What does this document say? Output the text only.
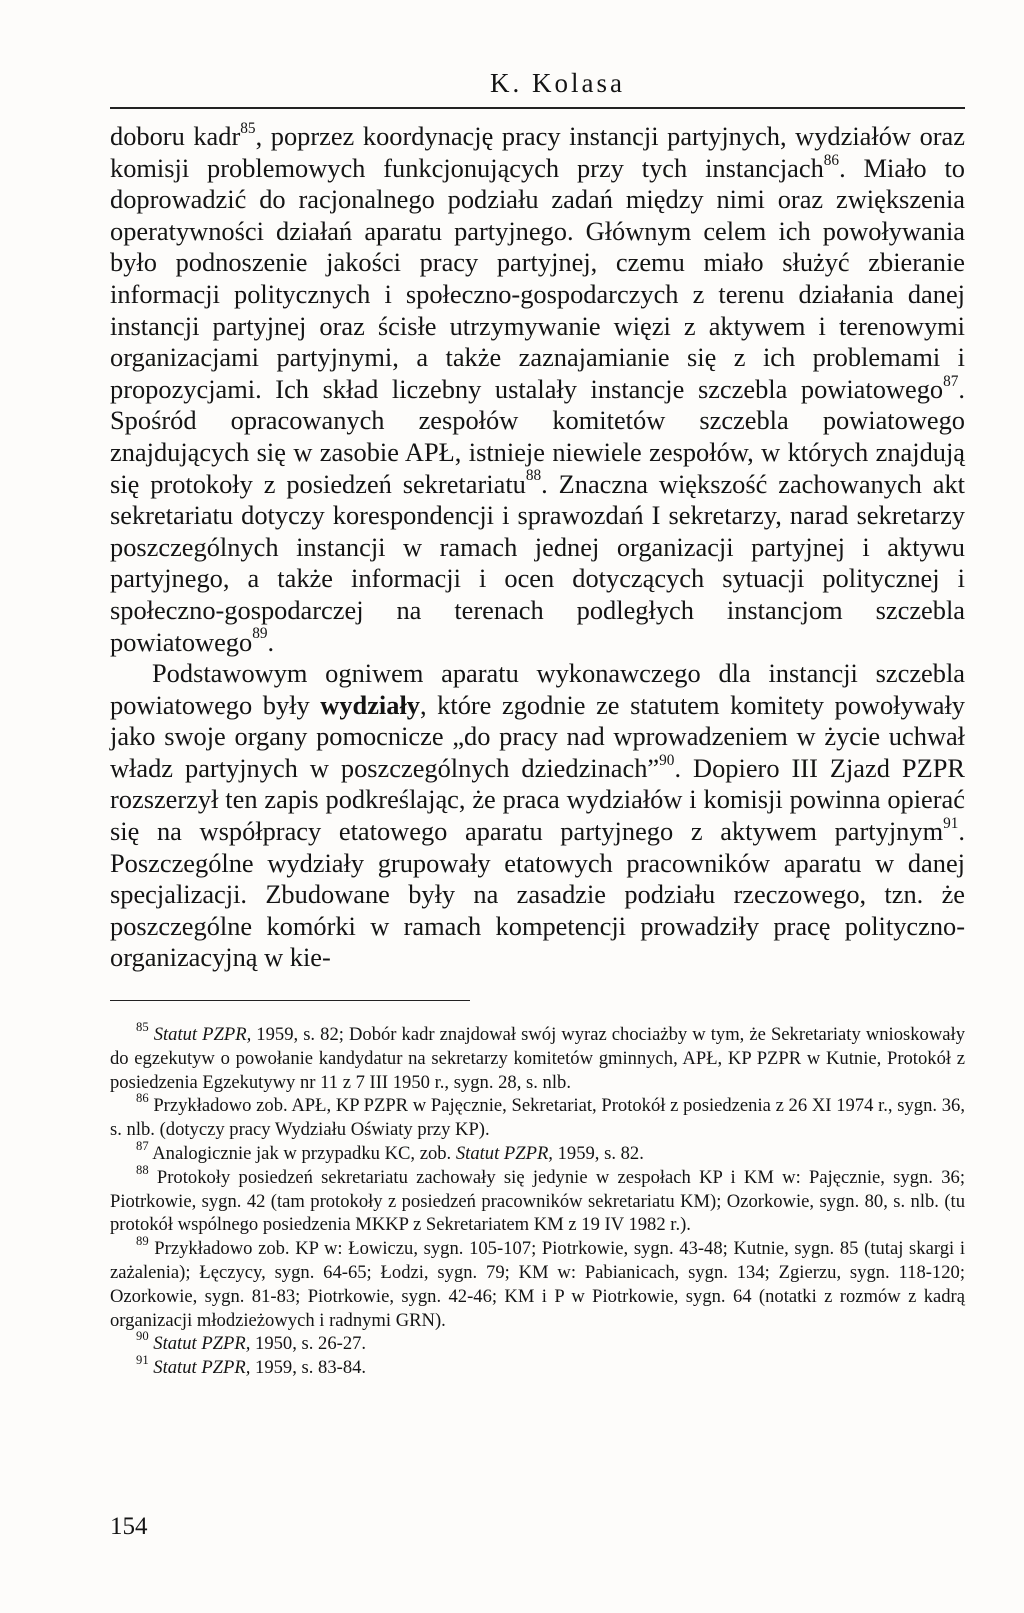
K. Kolasa

doboru kadr$^{85}$, poprzez koordynację pracy instancji partyjnych, wydziałów oraz komisji problemowych funkcjonujących przy tych instancjach$^{86}$. Miało to doprowadzić do racjonalnego podziału zadań między nimi oraz zwiększenia operatywności działań aparatu partyjnego. Głównym celem ich powoływania było podnoszenie jakości pracy partyjnej, czemu miało służyć zbieranie informacji politycznych i społeczno-gospodarczych z terenu działania danej instancji partyjnej oraz ścisłe utrzymywanie więzi z aktywem i terenowymi organizacjami partyjnymi, a także zaznajamianie się z ich problemami i propozycjami. Ich skład liczebny ustalały instancje szczebla powiatowego$^{87}$. Spośród opracowanych zespołów komitetów szczebla powiatowego znajdujących się w zasobie APŁ, istnieje niewiele zespołów, w których znajdują się protokoły z posiedzeń sekretariatu$^{88}$. Znaczna większość zachowanych akt sekretariatu dotyczy korespondencji i sprawozdań I sekretarzy, narad sekretarzy poszczególnych instancji w ramach jednej organizacji partyjnej i aktywu partyjnego, a także informacji i ocen dotyczących sytuacji politycznej i społeczno-gospodarczej na terenach podległych instancjom szczebla powiatowego$^{89}$.

Podstawowym ogniwem aparatu wykonawczego dla instancji szczebla powiatowego były wydziały, które zgodnie ze statutem komitety powoływały jako swoje organy pomocnicze „do pracy nad wprowadzeniem w życie uchwał władz partyjnych w poszczególnych dziedzinach”$^{90}$. Dopiero III Zjazd PZPR rozszerzył ten zapis podkreślając, że praca wydziałów i komisji powinna opierać się na współpracy etatowego aparatu partyjnego z aktywem partyjnym$^{91}$. Poszczególne wydziały grupowały etatowych pracowników aparatu w danej specjalizacji. Zbudowane były na zasadzie podziału rzeczowego, tzn. że poszczególne komórki w ramach kompetencji prowadziły pracę polityczno-organizacyjną w kie-

$^{85}$ Statut PZPR, 1959, s. 82; Dobór kadr znajdował swój wyraz chociażby w tym, że Sekretariaty wnioskowały do egzekutyw o powołanie kandydatur na sekretarzy komitetów gminnych, APŁ, KP PZPR w Kutnie, Protokół z posiedzenia Egzekutywy nr 11 z 7 III 1950 r., sygn. 28, s. nlb.

$^{86}$ Przykładowo zob. APŁ, KP PZPR w Pajęcznie, Sekretariat, Protokół z posiedzenia z 26 XI 1974 r., sygn. 36, s. nlb. (dotyczy pracy Wydziału Oświaty przy KP).

$^{87}$ Analogicznie jak w przypadku KC, zob. Statut PZPR, 1959, s. 82.

$^{88}$ Protokoły posiedzeń sekretariatu zachowały się jedynie w zespołach KP i KM w: Pajęcznie, sygn. 36; Piotrkowie, sygn. 42 (tam protokoły z posiedzeń pracowników sekretariatu KM); Ozorkowie, sygn. 80, s. nlb. (tu protokół wspólnego posiedzenia MKKP z Sekretariatem KM z 19 IV 1982 r.).

$^{89}$ Przykładowo zob. KP w: Łowiczu, sygn. 105-107; Piotrkowie, sygn. 43-48; Kutnie, sygn. 85 (tutaj skargi i zażalenia); Łęczycy, sygn. 64-65; Łodzi, sygn. 79; KM w: Pabianicach, sygn. 134; Zgierzu, sygn. 118-120; Ozorkowie, sygn. 81-83; Piotrkowie, sygn. 42-46; KM i P w Piotrkowie, sygn. 64 (notatki z rozmów z kadrą organizacji młodzieżowych i radnymi GRN).

$^{90}$ Statut PZPR, 1950, s. 26-27.

$^{91}$ Statut PZPR, 1959, s. 83-84.

154
